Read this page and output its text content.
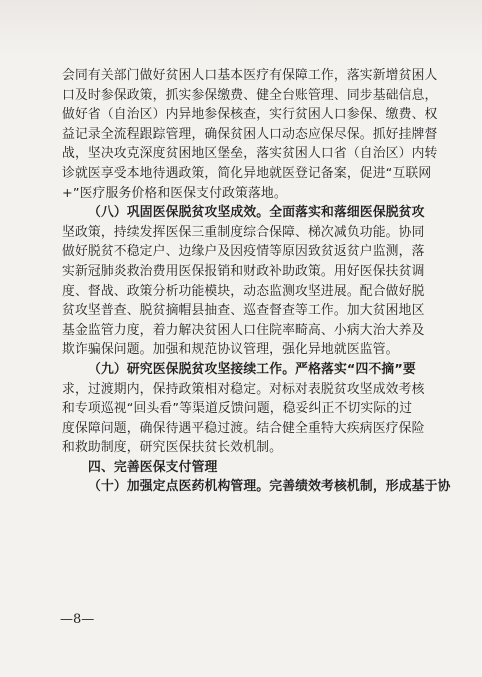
会同有关部门做好贫困人口基本医疗有保障工作，落实新增贫困人
口及时参保政策，抓实参保缴费、健全台账管理、同步基础信息，
做好省（自治区）内异地参保核查，实行贫困人口参保、缴费、权
益记录全流程跟踪管理，确保贫困人口动态应保尽保。抓好挂牌督
战，坚决攻克深度贫困地区堡垒，落实贫困人口省（自治区）内转
诊就医享受本地待遇政策，简化异地就医登记备案，促进“互联网
+”医疗服务价格和医保支付政策落地。
（八）巩固医保脱贫攻坚成效。全面落实和落细医保脱贫攻
坚政策，持续发挥医保三重制度综合保障、梯次减负功能。协同
做好脱贫不稳定户、边缘户及因疫情等原因致贫返贫户监测，落
实新冠肺炎救治费用医保报销和财政补助政策。用好医保扶贫调
度、督战、政策分析功能模块，动态监测攻坚进展。配合做好脱
贫攻坚普查、脱贫摘帽县抽查、巡查督查等工作。加大贫困地区
基金监管力度，着力解决贫困人口住院率畸高、小病大治大养及
欺诈骗保问题。加强和规范协议管理，强化异地就医监管。
（九）研究医保脱贫攻坚接续工作。严格落实“四不摘”要
求，过渡期内，保持政策相对稳定。对标对表脱贫攻坚成效考核
和专项巡视“回头看”等渠道反馈问题，稳妥纠正不切实际的过
度保障问题，确保待遇平稳过渡。结合健全重特大疾病医疗保险
和救助制度，研究医保扶贫长效机制。
四、完善医保支付管理
（十）加强定点医药机构管理。完善绩效考核机制，形成基于协
—8—
